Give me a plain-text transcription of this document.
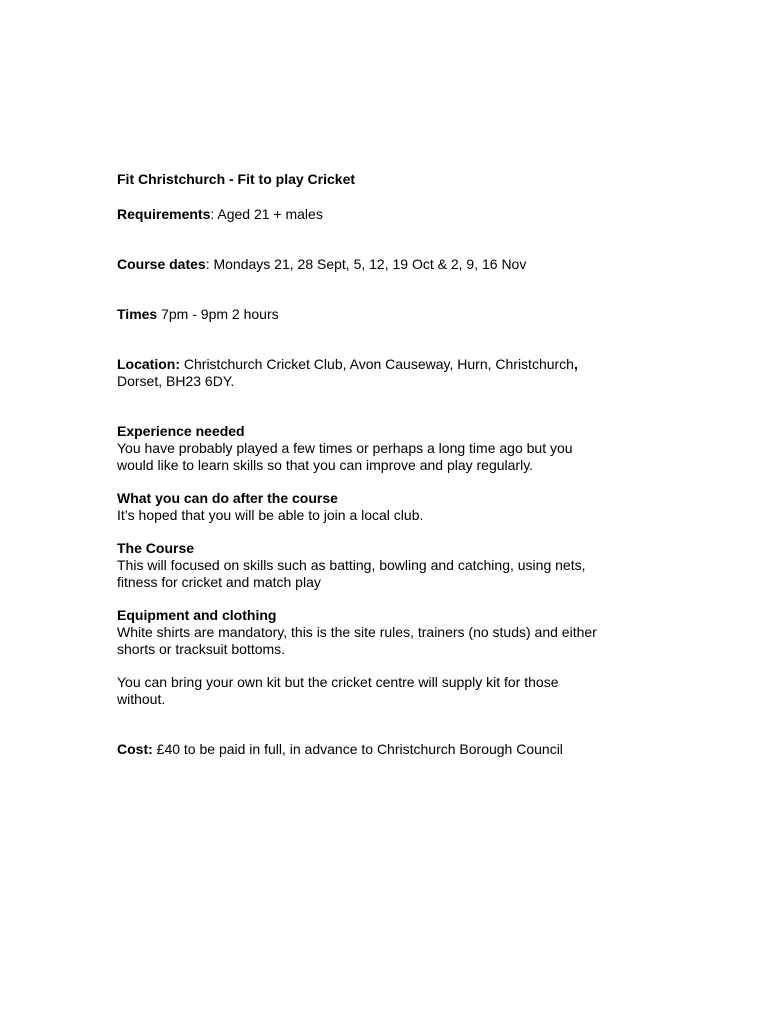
Fit Christchurch - Fit to play Cricket
Requirements: Aged 21 + males
Course dates: Mondays 21, 28 Sept, 5, 12, 19 Oct & 2, 9, 16 Nov
Times 7pm - 9pm 2 hours
Location: Christchurch Cricket Club, Avon Causeway, Hurn, Christchurch,
Dorset, BH23 6DY.
Experience needed
You have probably played a few times or perhaps a long time ago but you
would like to learn skills so that you can improve and play regularly.
What you can do after the course
It’s hoped that you will be able to join a local club.
The Course
This will focused on skills such as batting, bowling and catching, using nets,
fitness for cricket and match play
Equipment and clothing
White shirts are mandatory, this is the site rules, trainers (no studs) and either
shorts or tracksuit bottoms.
You can bring your own kit but the cricket centre will supply kit for those
without.
Cost: £40 to be paid in full, in advance to Christchurch Borough Council
